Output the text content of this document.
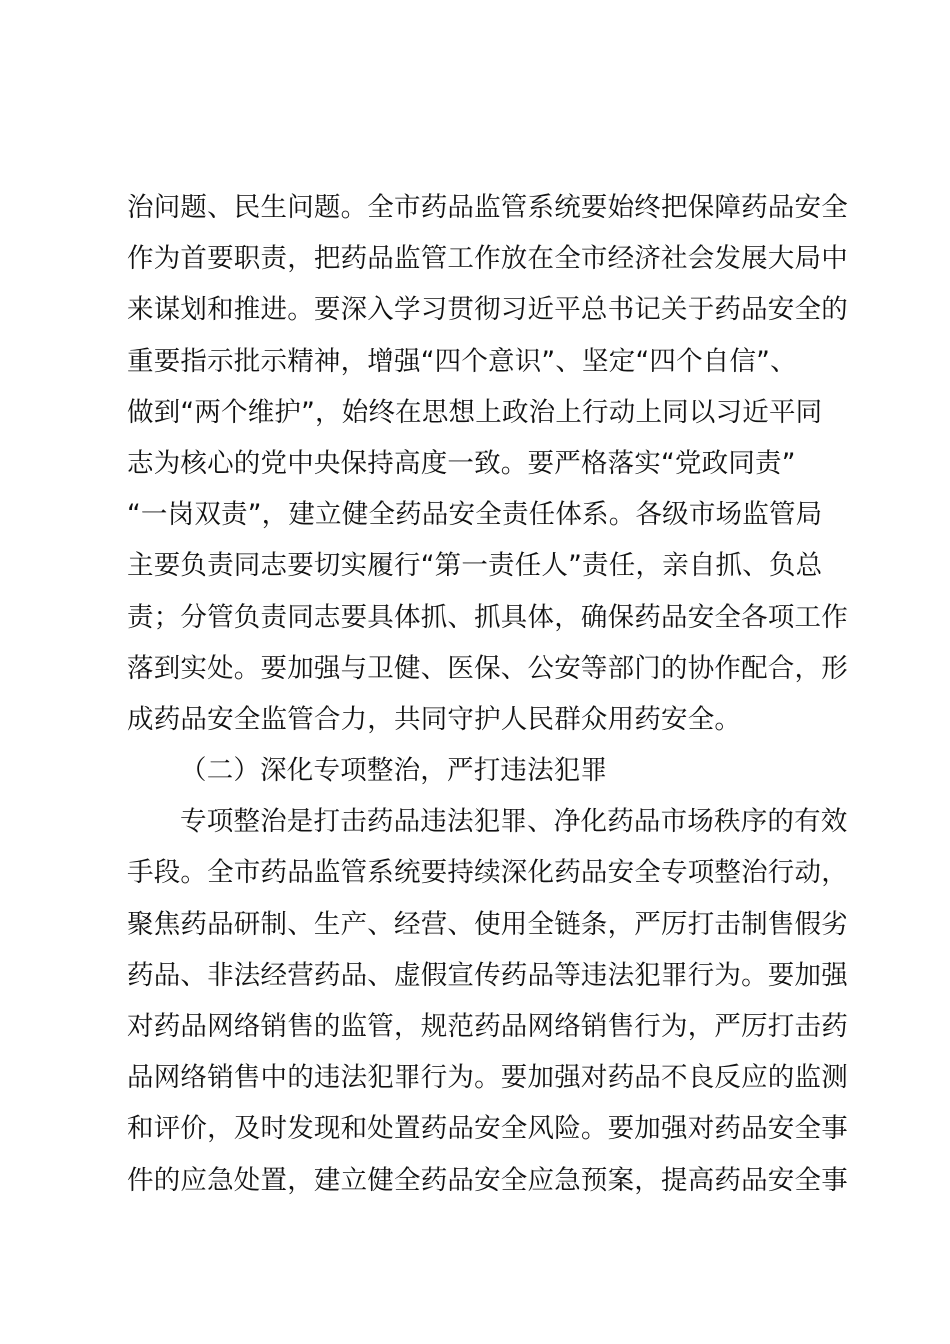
治问题、民生问题。全市药品监管系统要始终把保障药品安全
作为首要职责，把药品监管工作放在全市经济社会发展大局中
来谋划和推进。要深入学习贯彻习近平总书记关于药品安全的
重要指示批示精神，增强“四个意识”、坚定“四个自信”、
做到“两个维护”，始终在思想上政治上行动上同以习近平同
志为核心的党中央保持高度一致。要严格落实“党政同责”
“一岗双责”，建立健全药品安全责任体系。各级市场监管局
主要负责同志要切实履行“第一责任人”责任，亲自抓、负总
责；分管负责同志要具体抓、抓具体，确保药品安全各项工作
落到实处。要加强与卫健、医保、公安等部门的协作配合，形
成药品安全监管合力，共同守护人民群众用药安全。
（二）深化专项整治，严打违法犯罪
专项整治是打击药品违法犯罪、净化药品市场秩序的有效
手段。全市药品监管系统要持续深化药品安全专项整治行动，
聚焦药品研制、生产、经营、使用全链条，严厉打击制售假劣
药品、非法经营药品、虚假宣传药品等违法犯罪行为。要加强
对药品网络销售的监管，规范药品网络销售行为，严厉打击药
品网络销售中的违法犯罪行为。要加强对药品不良反应的监测
和评价，及时发现和处置药品安全风险。要加强对药品安全事
件的应急处置，建立健全药品安全应急预案，提高药品安全事
